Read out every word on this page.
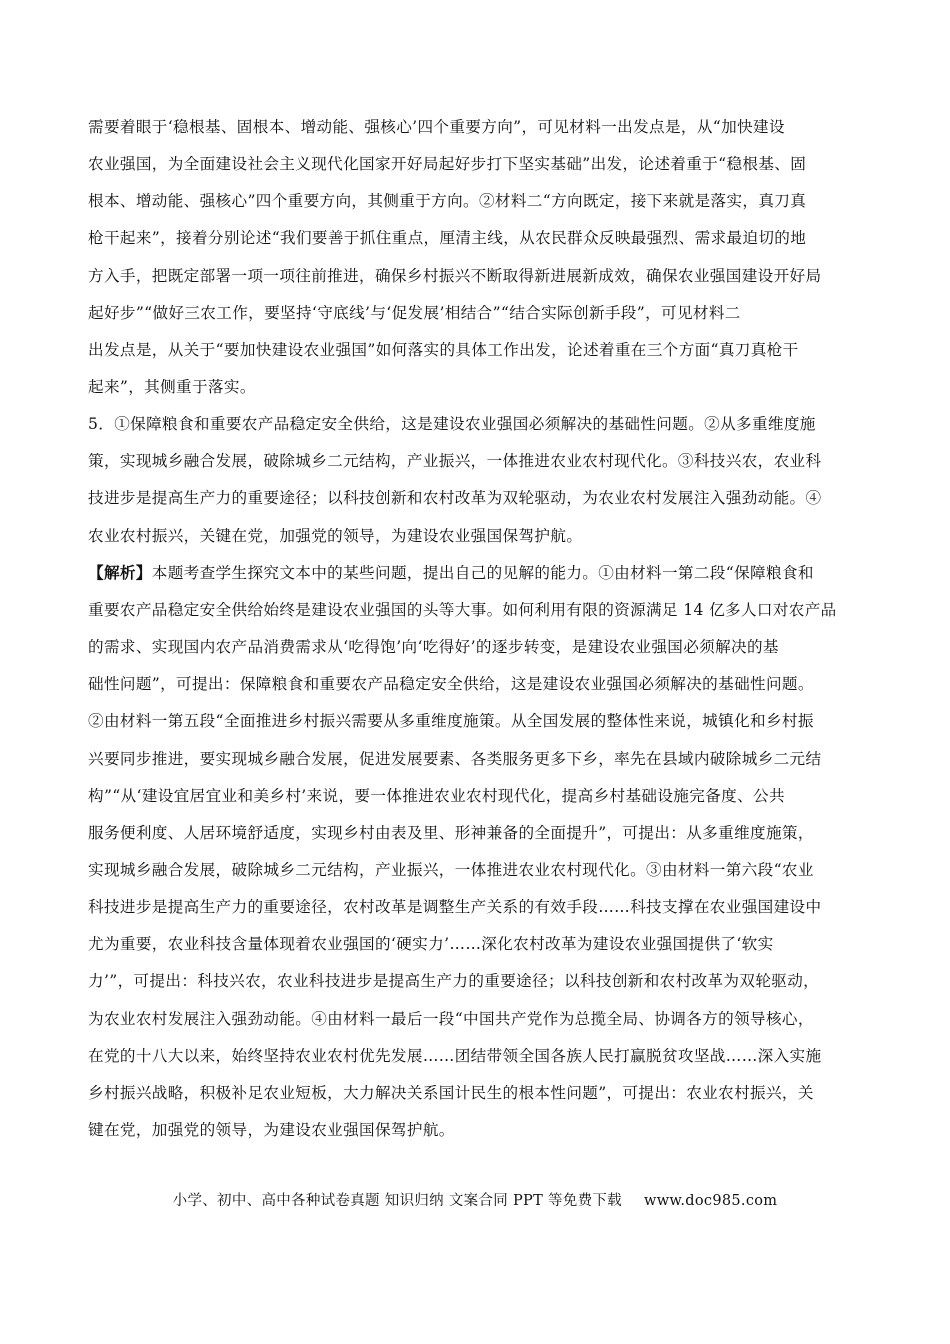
需要着眼于‘稳根基、固根本、增动能、强核心’四个重要方向”，可见材料一出发点是，从“加快建设
农业强国，为全面建设社会主义现代化国家开好局起好步打下坚实基础”出发，论述着重于“稳根基、固
根本、增动能、强核心”四个重要方向，其侧重于方向。②材料二“方向既定，接下来就是落实，真刀真
枪干起来”，接着分别论述“我们要善于抓住重点，厘清主线，从农民群众反映最强烈、需求最迫切的地
方入手，把既定部署一项一项往前推进，确保乡村振兴不断取得新进展新成效，确保农业强国建设开好局
起好步”“做好三农工作，要坚持‘守底线’与‘促发展’相结合”“结合实际创新手段”，可见材料二
出发点是，从关于“要加快建设农业强国”如何落实的具体工作出发，论述着重在三个方面“真刀真枪干
起来”，其侧重于落实。
5．①保障粮食和重要农产品稳定安全供给，这是建设农业强国必须解决的基础性问题。②从多重维度施
策，实现城乡融合发展，破除城乡二元结构，产业振兴，一体推进农业农村现代化。③科技兴农，农业科
技进步是提高生产力的重要途径；以科技创新和农村改革为双轮驱动，为农业农村发展注入强劲动能。④
农业农村振兴，关键在党，加强党的领导，为建设农业强国保驾护航。
【解析】本题考查学生探究文本中的某些问题，提出自己的见解的能力。①由材料一第二段“保障粮食和
重要农产品稳定安全供给始终是建设农业强国的头等大事。如何利用有限的资源满足 14 亿多人口对农产品
的需求、实现国内农产品消费需求从‘吃得饱’向‘吃得好’的逐步转变，是建设农业强国必须解决的基
础性问题”，可提出：保障粮食和重要农产品稳定安全供给，这是建设农业强国必须解决的基础性问题。
②由材料一第五段“全面推进乡村振兴需要从多重维度施策。从全国发展的整体性来说，城镇化和乡村振
兴要同步推进，要实现城乡融合发展，促进发展要素、各类服务更多下乡，率先在县域内破除城乡二元结
构”“从‘建设宜居宜业和美乡村’来说，要一体推进农业农村现代化，提高乡村基础设施完备度、公共
服务便利度、人居环境舒适度，实现乡村由表及里、形神兼备的全面提升”，可提出：从多重维度施策，
实现城乡融合发展，破除城乡二元结构，产业振兴，一体推进农业农村现代化。③由材料一第六段“农业
科技进步是提高生产力的重要途径，农村改革是调整生产关系的有效手段……科技支撑在农业强国建设中
尤为重要，农业科技含量体现着农业强国的‘硬实力’……深化农村改革为建设农业强国提供了‘软实
力’”，可提出：科技兴农，农业科技进步是提高生产力的重要途径；以科技创新和农村改革为双轮驱动，
为农业农村发展注入强劲动能。④由材料一最后一段“中国共产党作为总揽全局、协调各方的领导核心，
在党的十八大以来，始终坚持农业农村优先发展……团结带领全国各族人民打赢脱贫攻坚战……深入实施
乡村振兴战略，积极补足农业短板，大力解决关系国计民生的根本性问题”，可提出：农业农村振兴，关
键在党，加强党的领导，为建设农业强国保驾护航。
小学、初中、高中各种试卷真题 知识归纳 文案合同 PPT 等免费下载 www.doc985.com
